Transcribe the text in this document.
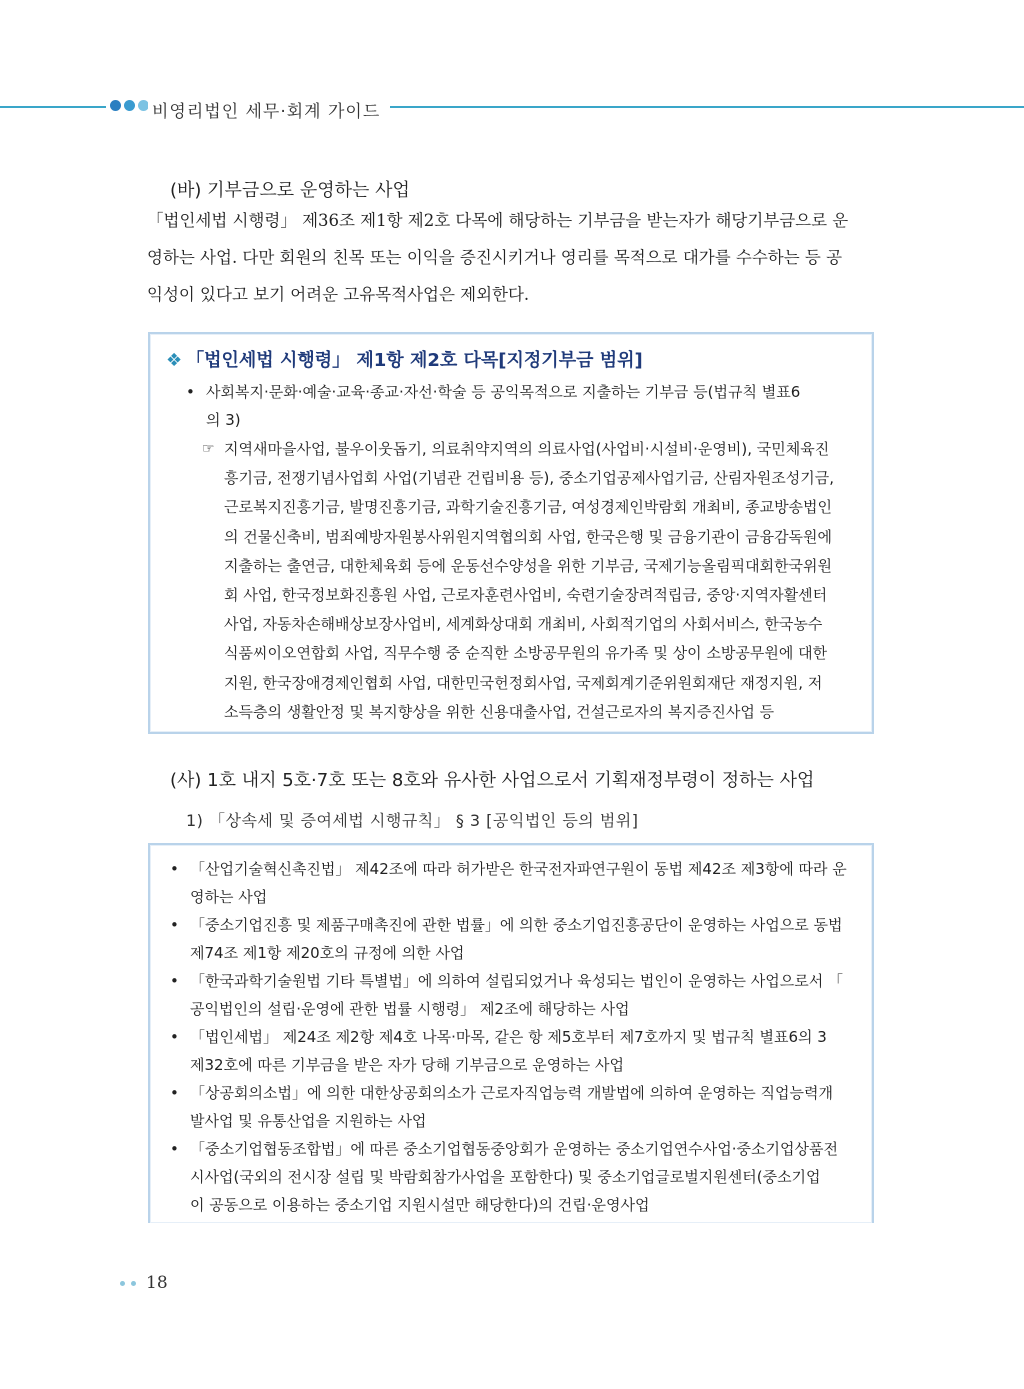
비영리법인 세무·회계 가이드
(바) 기부금으로 운영하는 사업
「법인세법 시행령」 제36조 제1항 제2호 다목에 해당하는 기부금을 받는자가 해당기부금으로 운
영하는 사업. 다만 회원의 친목 또는 이익을 증진시키거나 영리를 목적으로 대가를 수수하는 등 공
익성이 있다고 보기 어려운 고유목적사업은 제외한다.
❖ 「법인세법 시행령」 제1항 제2호 다목[지정기부금 범위]
• 사회복지·문화·예술·교육·종교·자선·학술 등 공익목적으로 지출하는 기부금 등(법규칙 별표6
의 3)
☞ 지역새마을사업, 불우이웃돕기, 의료취약지역의 의료사업(사업비·시설비·운영비), 국민체육진
흥기금, 전쟁기념사업회 사업(기념관 건립비용 등), 중소기업공제사업기금, 산림자원조성기금,
근로복지진흥기금, 발명진흥기금, 과학기술진흥기금, 여성경제인박람회 개최비, 종교방송법인
의 건물신축비, 범죄예방자원봉사위원지역협의회 사업, 한국은행 및 금융기관이 금융감독원에
지출하는 출연금, 대한체육회 등에 운동선수양성을 위한 기부금, 국제기능올림픽대회한국위원
회 사업, 한국정보화진흥원 사업, 근로자훈련사업비, 숙련기술장려적립금, 중앙·지역자활센터
사업, 자동차손해배상보장사업비, 세계화상대회 개최비, 사회적기업의 사회서비스, 한국농수
식품씨이오연합회 사업, 직무수행 중 순직한 소방공무원의 유가족 및 상이 소방공무원에 대한
지원, 한국장애경제인협회 사업, 대한민국헌정회사업, 국제회계기준위원회재단 재정지원, 저
소득층의 생활안정 및 복지향상을 위한 신용대출사업, 건설근로자의 복지증진사업 등
(사) 1호 내지 5호·7호 또는 8호와 유사한 사업으로서 기획재정부령이 정하는 사업
1) 「상속세 및 증여세법 시행규칙」 § 3 [공익법인 등의 범위]
• 「산업기술혁신촉진법」 제42조에 따라 허가받은 한국전자파연구원이 동법 제42조 제3항에 따라 운
영하는 사업
• 「중소기업진흥 및 제품구매촉진에 관한 법률」에 의한 중소기업진흥공단이 운영하는 사업으로 동법
제74조 제1항 제20호의 규정에 의한 사업
• 「한국과학기술원법 기타 특별법」에 의하여 설립되었거나 육성되는 법인이 운영하는 사업으로서 「
공익법인의 설립·운영에 관한 법률 시행령」 제2조에 해당하는 사업
• 「법인세법」 제24조 제2항 제4호 나목·마목, 같은 항 제5호부터 제7호까지 및 법규칙 별표6의 3
제32호에 따른 기부금을 받은 자가 당해 기부금으로 운영하는 사업
• 「상공회의소법」에 의한 대한상공회의소가 근로자직업능력 개발법에 의하여 운영하는 직업능력개
발사업 및 유통산업을 지원하는 사업
• 「중소기업협동조합법」에 따른 중소기업협동중앙회가 운영하는 중소기업연수사업·중소기업상품전
시사업(국외의 전시장 설립 및 박람회참가사업을 포함한다) 및 중소기업글로벌지원센터(중소기업
이 공동으로 이용하는 중소기업 지원시설만 해당한다)의 건립·운영사업
18
